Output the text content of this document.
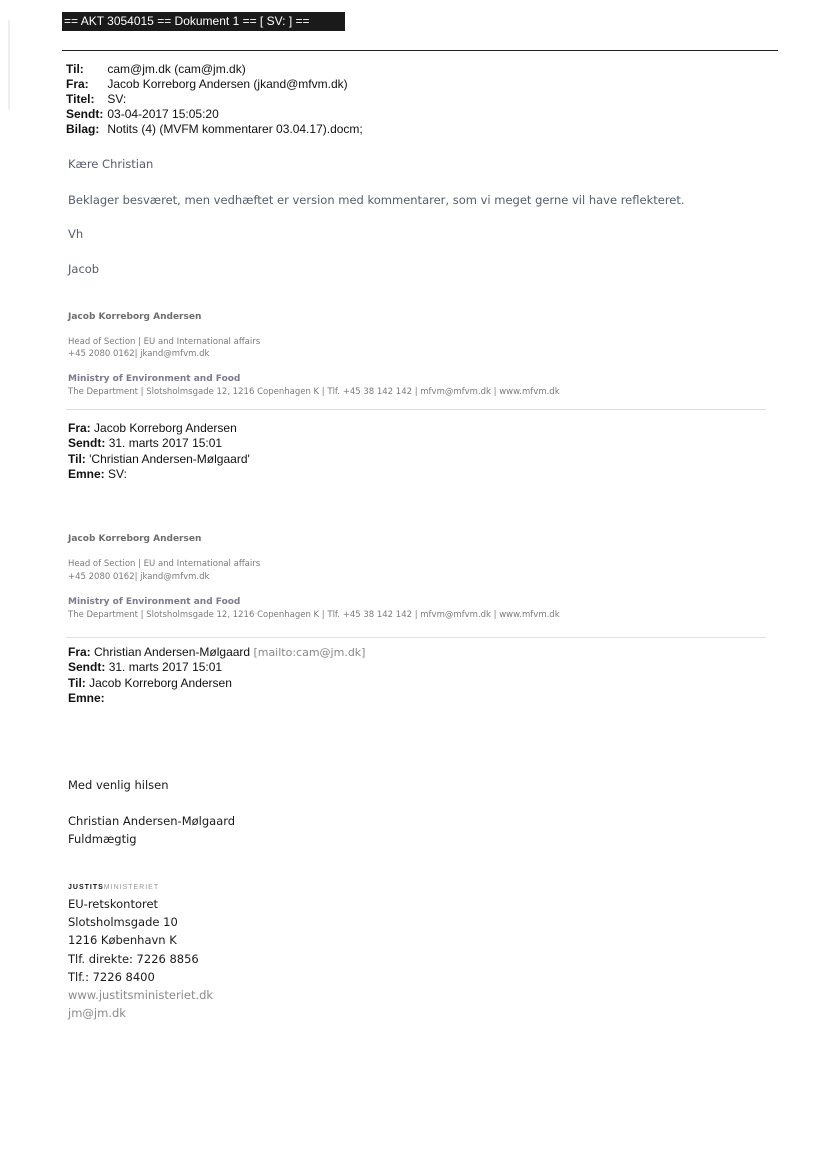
== AKT 3054015 == Dokument 1 == [ SV: ] ==
Til: cam@jm.dk (cam@jm.dk)
Fra: Jacob Korreborg Andersen (jkand@mfvm.dk)
Titel: SV:
Sendt: 03-04-2017 15:05:20
Bilag: Notits (4) (MVFM kommentarer 03.04.17).docm;
Kære Christian
Beklager besværet, men vedhæftet er version med kommentarer, som vi meget gerne vil have reflekteret.
Vh
Jacob
Jacob Korreborg Andersen
Head of Section | EU and International affairs
+45 2080 0162| jkand@mfvm.dk
Ministry of Environment and Food
The Department | Slotsholmsgade 12, 1216 Copenhagen K | Tlf. +45 38 142 142 | mfvm@mfvm.dk | www.mfvm.dk
Fra: Jacob Korreborg Andersen
Sendt: 31. marts 2017 15:01
Til: 'Christian Andersen-Mølgaard'
Emne: SV:
Jacob Korreborg Andersen
Head of Section | EU and International affairs
+45 2080 0162| jkand@mfvm.dk
Ministry of Environment and Food
The Department | Slotsholmsgade 12, 1216 Copenhagen K | Tlf. +45 38 142 142 | mfvm@mfvm.dk | www.mfvm.dk
Fra: Christian Andersen-Mølgaard [mailto:cam@jm.dk]
Sendt: 31. marts 2017 15:01
Til: Jacob Korreborg Andersen
Emne:
Med venlig hilsen
Christian Andersen-Mølgaard
Fuldmægtig
JUSTITSMINISTERIET
EU-retskontoret
Slotsholmsgade 10
1216 København K
Tlf. direkte: 7226 8856
Tlf.: 7226 8400
www.justitsministeriet.dk
jm@jm.dk
